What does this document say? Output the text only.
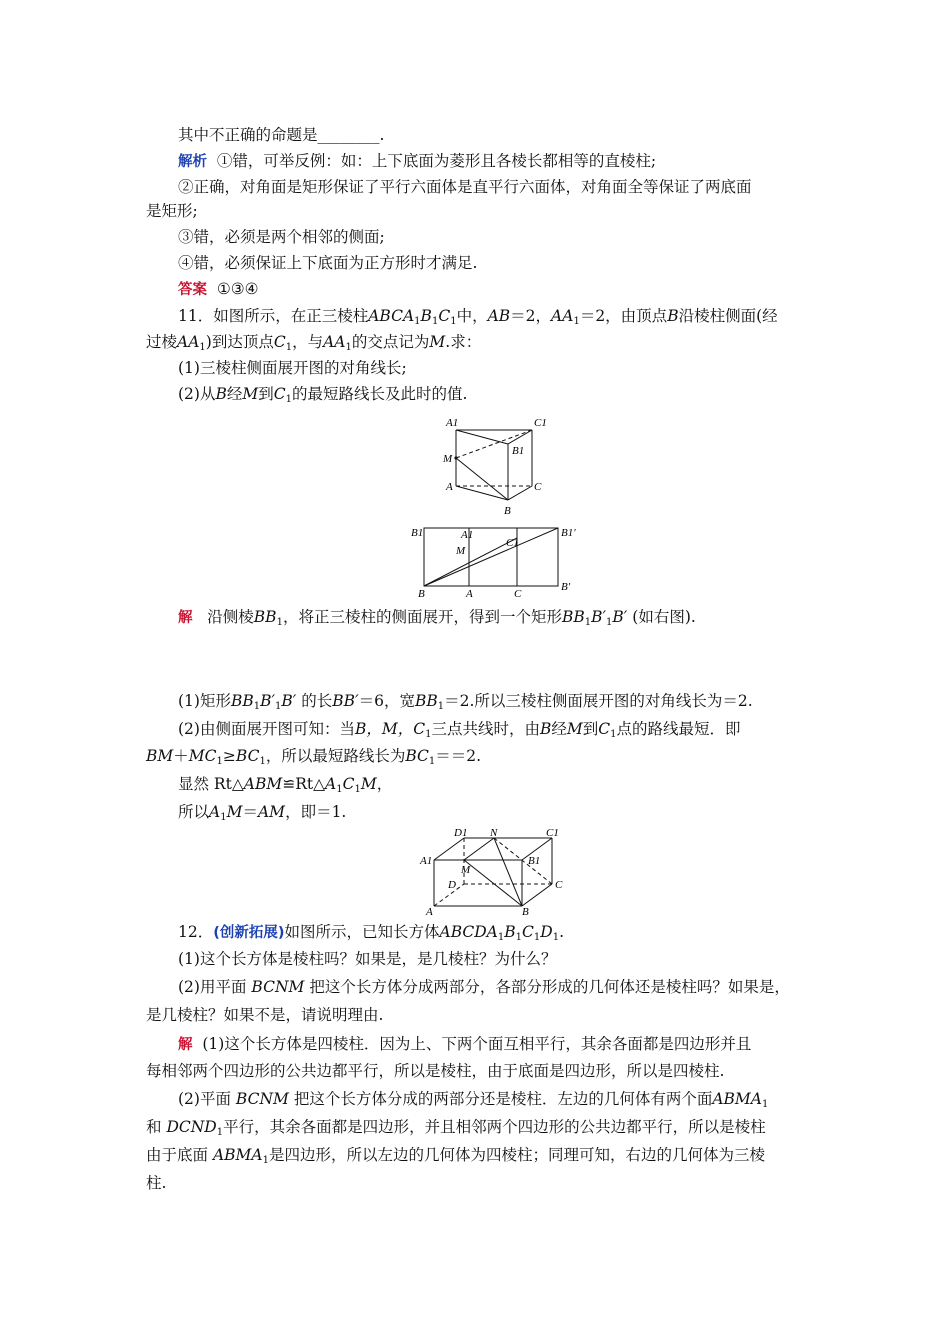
其中不正确的命题是________.
解析 ①错，可举反例：如：上下底面为菱形且各棱长都相等的直棱柱;
②正确，对角面是矩形保证了平行六面体是直平行六面体，对角面全等保证了两底面
是矩形;
③错，必须是两个相邻的侧面;
④错，必须保证上下底面为正方形时才满足.
答案 ①③④
11．如图所示，在正三棱柱$ABCA_1B_1C_1$中，AB＝2，$AA_1=2$，由顶点B沿棱柱侧面(经
过棱$AA_1$)到达顶点$C_1$，与$AA_1$的交点记为M.求：
(1)三棱柱侧面展开图的对角线长;
(2)从B经M到$C_1$的最短路线长及此时的值.
A1	C1
B1
M
A	C
B
B1	A1
M
C1
B1′
B	A	C
B′
解 沿侧棱$BB_1$，将正三棱柱的侧面展开，得到一个矩形$BB_1B'_1B'$ (如右图).
(1)矩形$BB_1B'_1B'$ 的长BB′＝6，宽$BB_1=2$.所以三棱柱侧面展开图的对角线长为＝2.
(2)由侧面展开图可知：当B，M，$C_1$三点共线时，由B经M到$C_1$点的路线最短．即
$BM+MC_1\ge BC_1$，所以最短路线长为$BC_1==2$.
显然 $Rt\triangle ABM≌Rt\triangle A_1C_1M$，
所以$A_1M=AM$，即＝1.
D1 N	C1
A1	B1
M
D	C
A	B
12．(创新拓展)如图所示，已知长方体$ABCDA_1B_1C_1D_1$.
(1)这个长方体是棱柱吗？如果是，是几棱柱？为什么？
(2)用平面 BCNM 把这个长方体分成两部分，各部分形成的几何体还是棱柱吗？如果是，
是几棱柱？如果不是，请说明理由.
解 (1)这个长方体是四棱柱．因为上、下两个面互相平行，其余各面都是四边形并且
每相邻两个四边形的公共边都平行，所以是棱柱，由于底面是四边形，所以是四棱柱.
(2)平面 BCNM 把这个长方体分成的两部分还是棱柱．左边的几何体有两个面$ABMA_1$
和 $DCND_1$平行，其余各面都是四边形，并且相邻两个四边形的公共边都平行，所以是棱柱
由于底面 $ABMA_1$是四边形，所以左边的几何体为四棱柱；同理可知，右边的几何体为三棱
柱.
